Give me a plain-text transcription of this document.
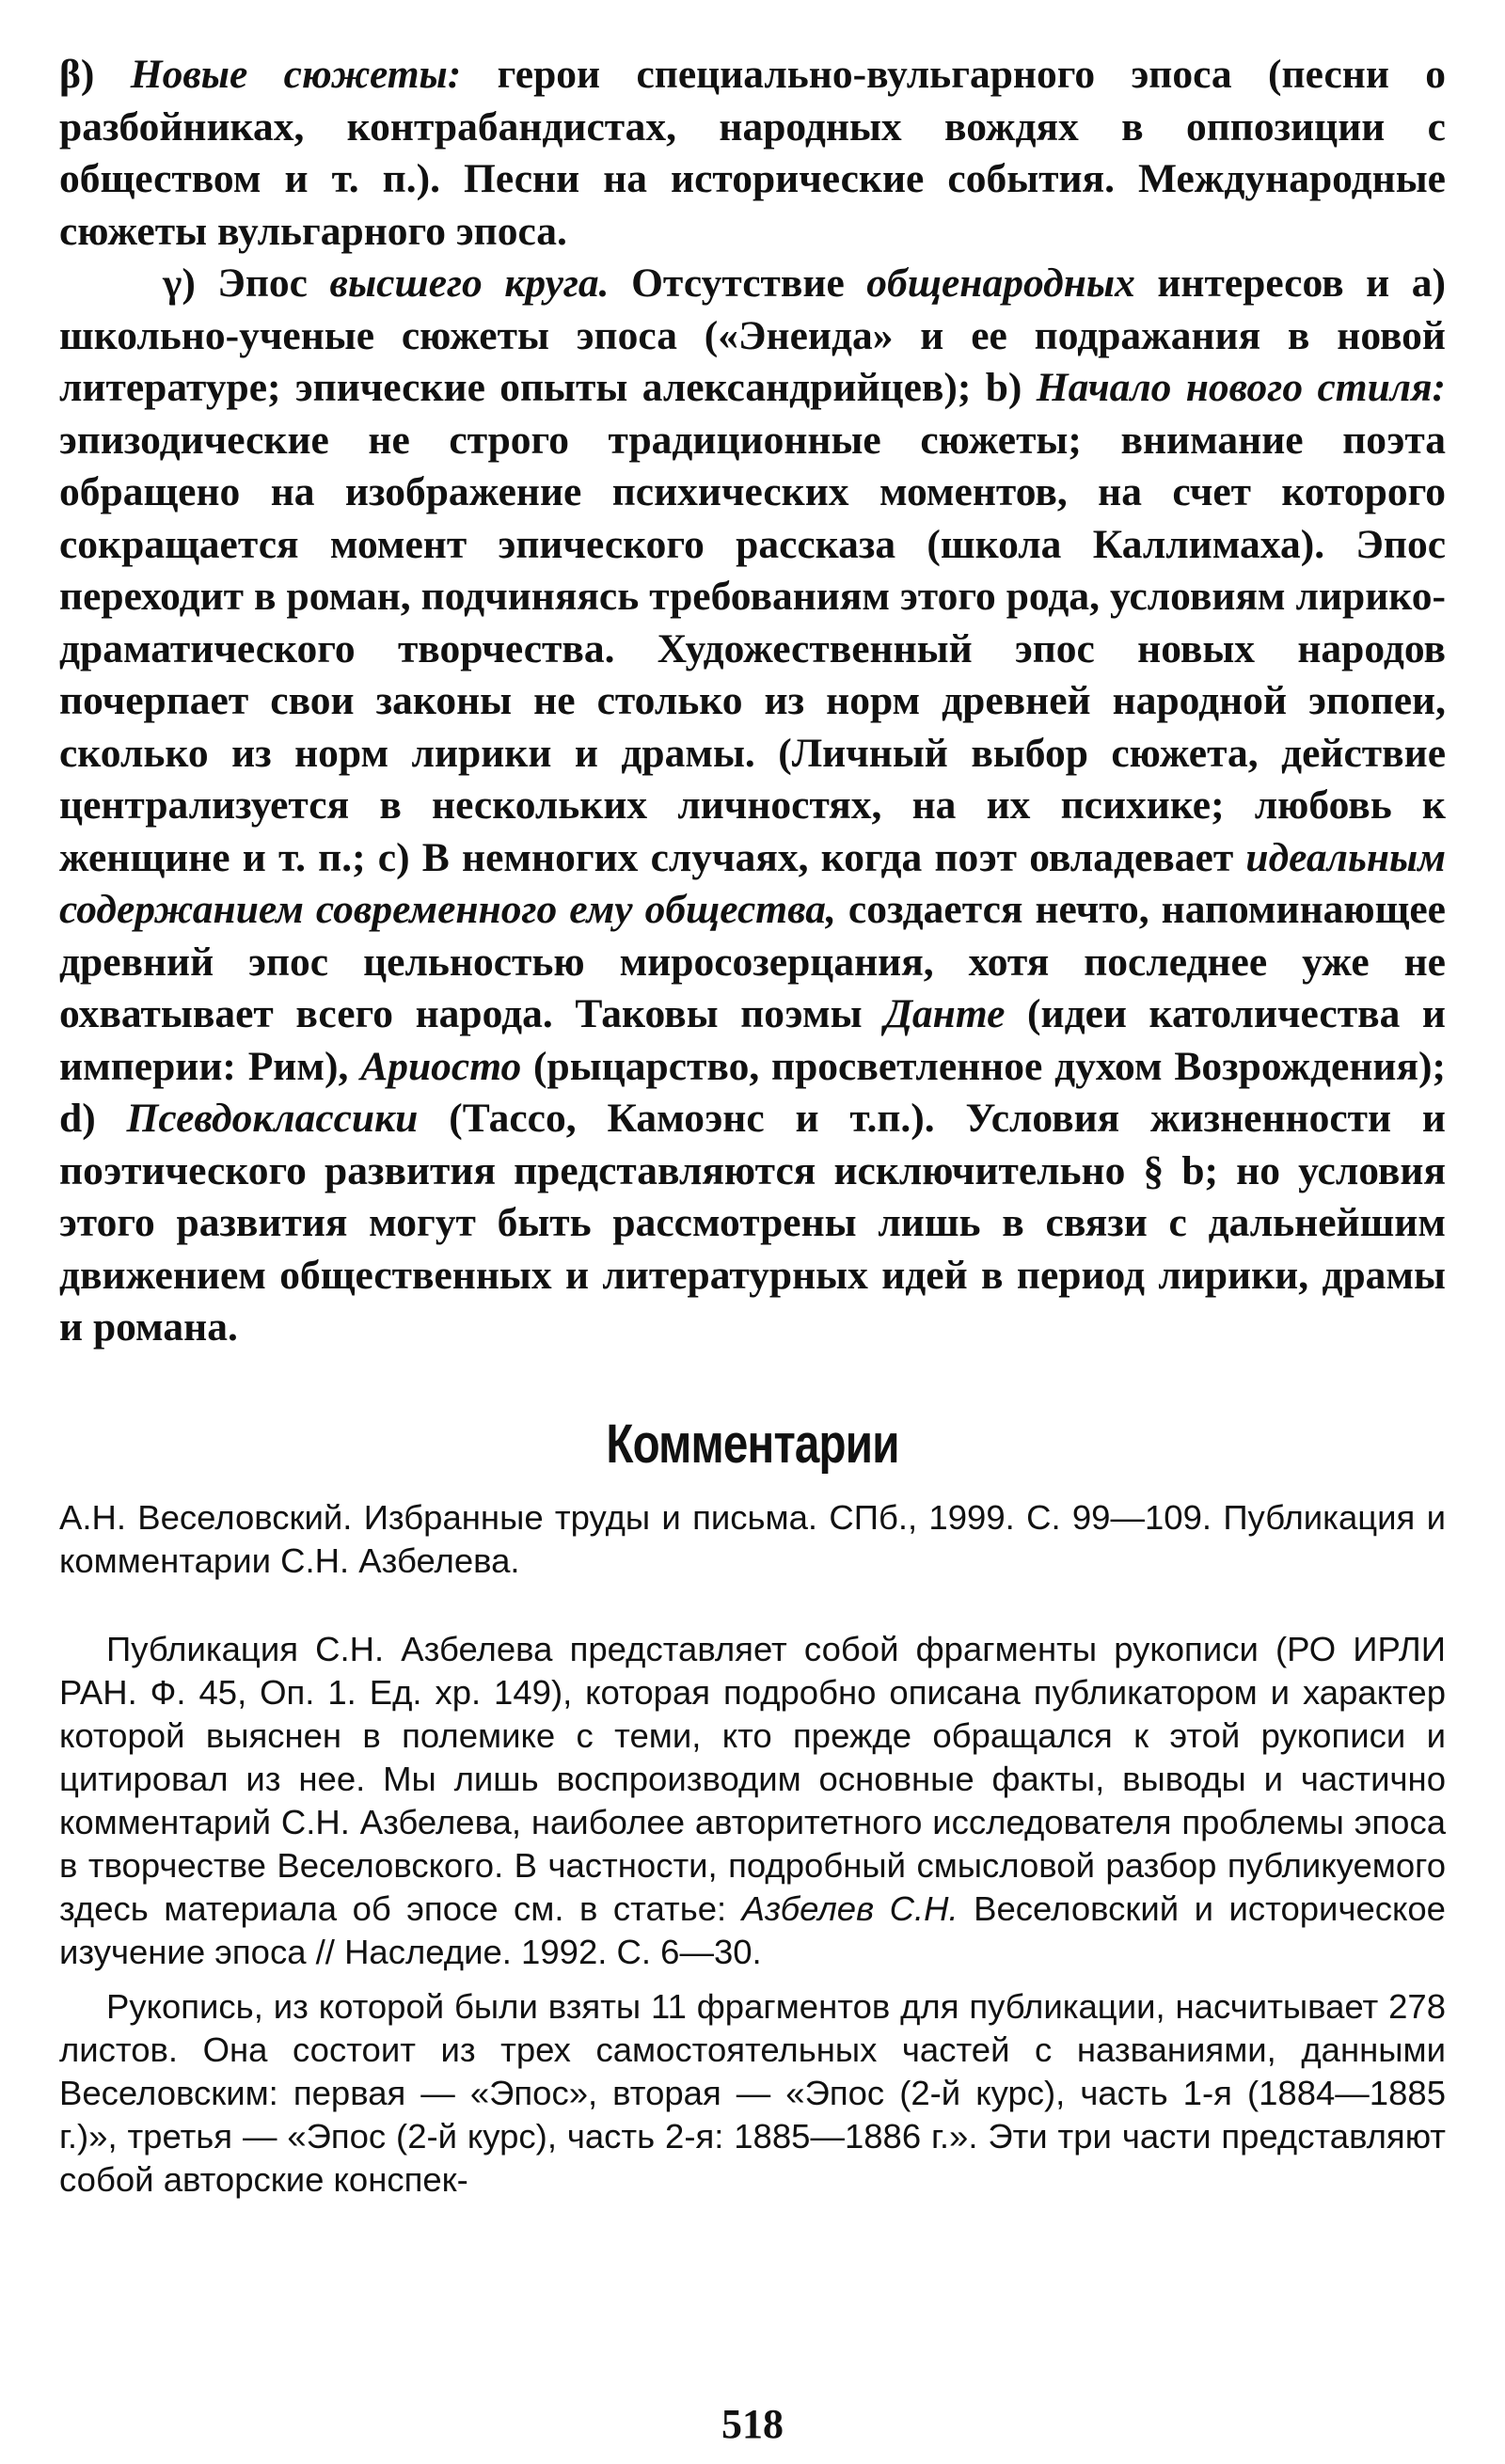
β) Новые сюжеты: герои специально-вульгарного эпоса (песни о разбойниках, контрабандистах, народных вождях в оппозиции с обществом и т. п.). Песни на исторические события. Международные сюжеты вульгарного эпоса.

γ) Эпос высшего круга. Отсутствие общенародных интересов и a) школьно-ученые сюжеты эпоса («Энеида» и ее подражания в новой литературе; эпические опыты александрийцев); b) Начало нового стиля: эпизодические не строго традиционные сюжеты; внимание поэта обращено на изображение психических моментов, на счет которого сокращается момент эпического рассказа (школа Каллимаха). Эпос переходит в роман, подчиняясь требованиям этого рода, условиям лирико-драматического творчества. Художественный эпос новых народов почерпает свои законы не столько из норм древней народной эпопеи, сколько из норм лирики и драмы. (Личный выбор сюжета, действие централизуется в нескольких личностях, на их психике; любовь к женщине и т. п.; c) В немногих случаях, когда поэт овладевает идеальным содержанием современного ему общества, создается нечто, напоминающее древний эпос цельностью миросозерцания, хотя последнее уже не охватывает всего народа. Таковы поэмы Данте (идеи католичества и империи: Рим), Ариосто (рыцарство, просветленное духом Возрождения); d) Псевдоклассики (Тассо, Камоэнс и т.п.). Условия жизненности и поэтического развития представляются исключительно § b; но условия этого развития могут быть рассмотрены лишь в связи с дальнейшим движением общественных и литературных идей в период лирики, драмы и романа.

Комментарии

А.Н. Веселовский. Избранные труды и письма. СПб., 1999. С. 99—109. Публикация и комментарии С.Н. Азбелева.

Публикация С.Н. Азбелева представляет собой фрагменты рукописи (РО ИРЛИ РАН. Ф. 45, Оп. 1. Ед. хр. 149), которая подробно описана публикатором и характер которой выяснен в полемике с теми, кто прежде обращался к этой рукописи и цитировал из нее. Мы лишь воспроизводим основные факты, выводы и частично комментарий С.Н. Азбелева, наиболее авторитетного исследователя проблемы эпоса в творчестве Веселовского. В частности, подробный смысловой разбор публикуемого здесь материала об эпосе см. в статье: Азбелев С.Н. Веселовский и историческое изучение эпоса // Наследие. 1992. С. 6—30.

Рукопись, из которой были взяты 11 фрагментов для публикации, насчитывает 278 листов. Она состоит из трех самостоятельных частей с названиями, данными Веселовским: первая — «Эпос», вторая — «Эпос (2-й курс), часть 1-я (1884—1885 г.)», третья — «Эпос (2-й курс), часть 2-я: 1885—1886 г.». Эти три части представляют собой авторские конспек-

518
